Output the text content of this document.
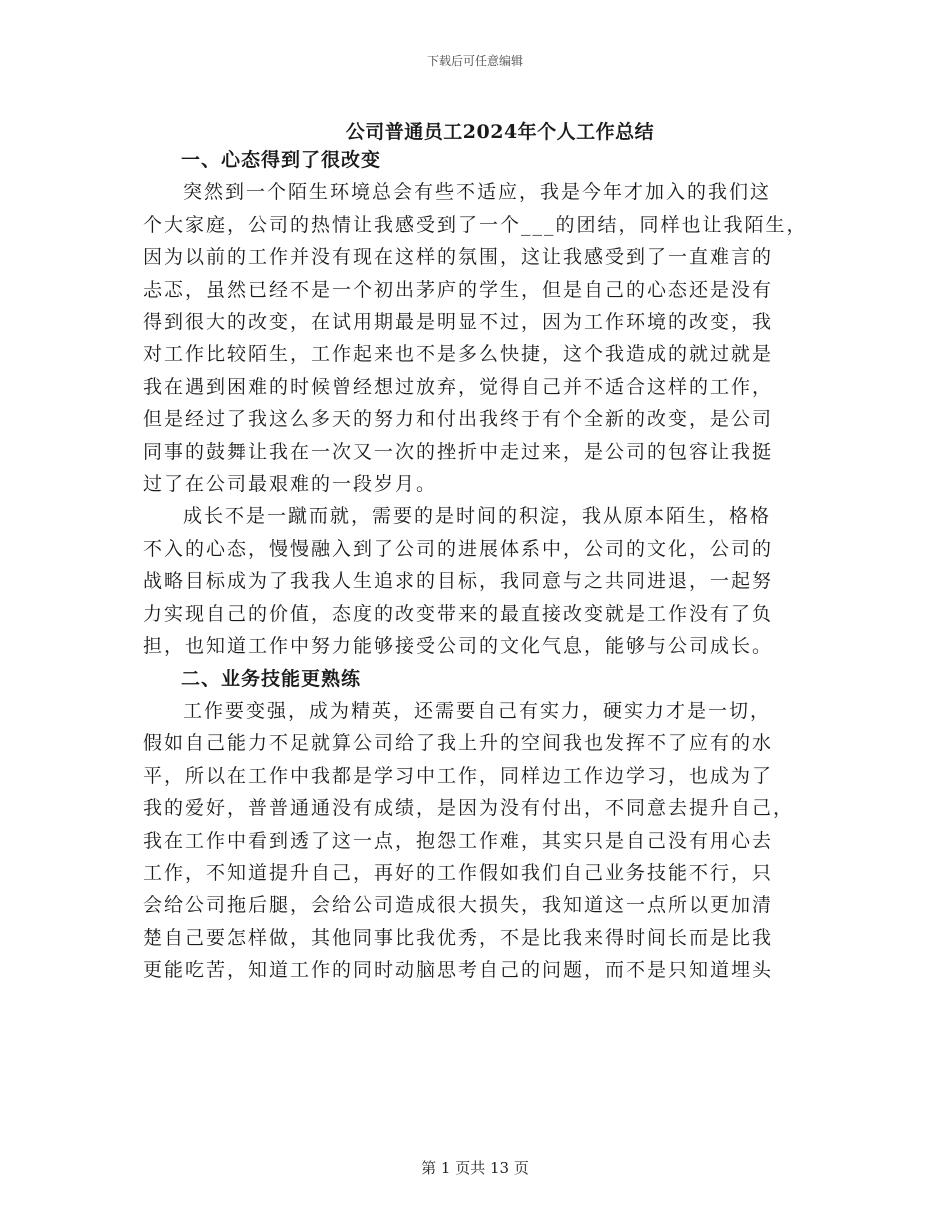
下载后可任意编辑
公司普通员工2024年个人工作总结
一、心态得到了很改变
突然到一个陌生环境总会有些不适应，我是今年才加入的我们这
个大家庭，公司的热情让我感受到了一个___的团结，同样也让我陌生，
因为以前的工作并没有现在这样的氛围，这让我感受到了一直难言的
忐忑，虽然已经不是一个初出茅庐的学生，但是自己的心态还是没有
得到很大的改变，在试用期最是明显不过，因为工作环境的改变，我
对工作比较陌生，工作起来也不是多么快捷，这个我造成的就过就是
我在遇到困难的时候曾经想过放弃，觉得自己并不适合这样的工作，
但是经过了我这么多天的努力和付出我终于有个全新的改变，是公司
同事的鼓舞让我在一次又一次的挫折中走过来，是公司的包容让我挺
过了在公司最艰难的一段岁月。
成长不是一蹴而就，需要的是时间的积淀，我从原本陌生，格格
不入的心态，慢慢融入到了公司的进展体系中，公司的文化，公司的
战略目标成为了我我人生追求的目标，我同意与之共同进退，一起努
力实现自己的价值，态度的改变带来的最直接改变就是工作没有了负
担，也知道工作中努力能够接受公司的文化气息，能够与公司成长。
二、业务技能更熟练
工作要变强，成为精英，还需要自己有实力，硬实力才是一切，
假如自己能力不足就算公司给了我上升的空间我也发挥不了应有的水
平，所以在工作中我都是学习中工作，同样边工作边学习，也成为了
我的爱好，普普通通没有成绩，是因为没有付出，不同意去提升自己，
我在工作中看到透了这一点，抱怨工作难，其实只是自己没有用心去
工作，不知道提升自己，再好的工作假如我们自己业务技能不行，只
会给公司拖后腿，会给公司造成很大损失，我知道这一点所以更加清
楚自己要怎样做，其他同事比我优秀，不是比我来得时间长而是比我
更能吃苦，知道工作的同时动脑思考自己的问题，而不是只知道埋头
第 1 页共 13 页
